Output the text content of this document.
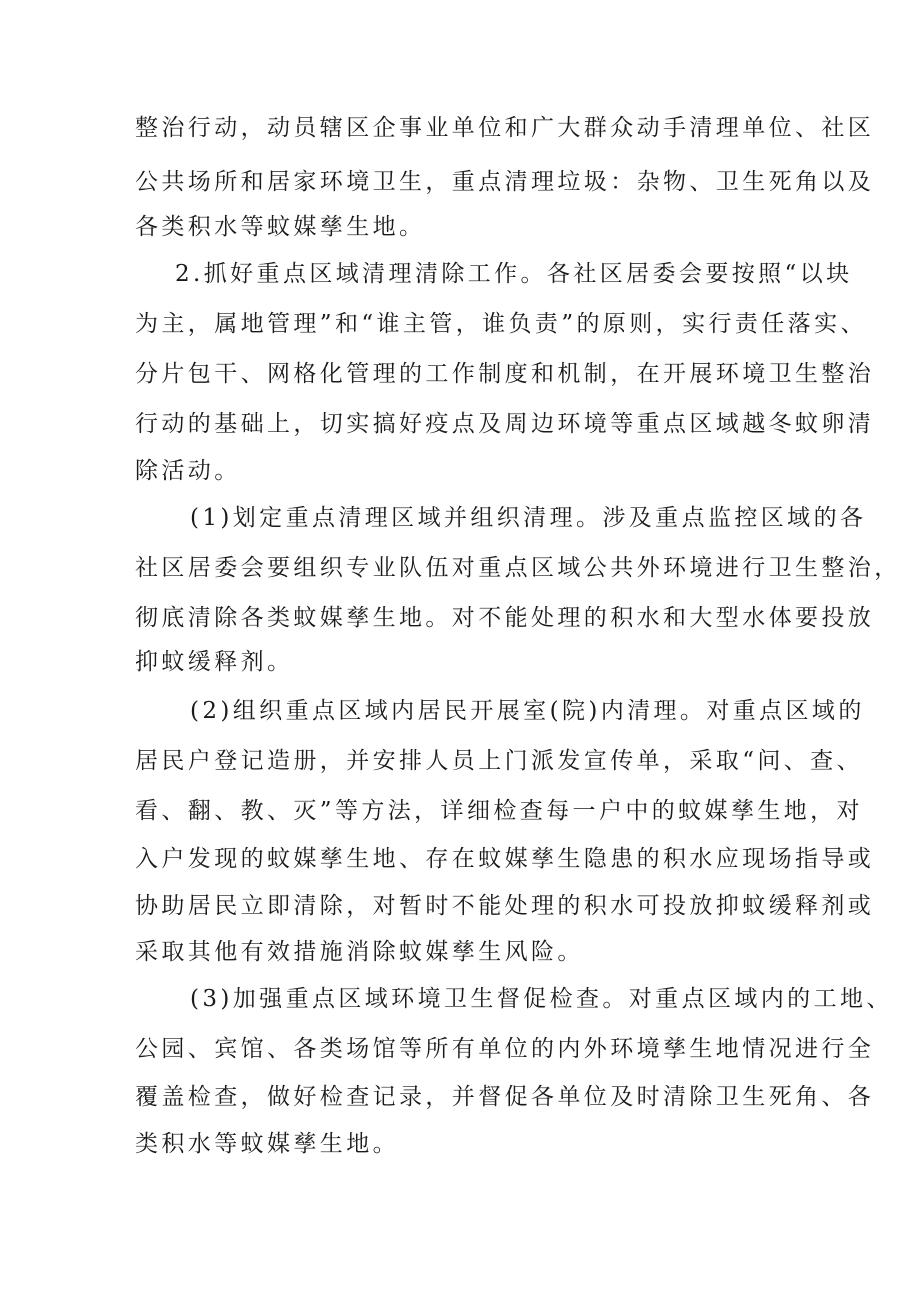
整治行动，动员辖区企事业单位和广大群众动手清理单位、社区
公共场所和居家环境卫生，重点清理垃圾：杂物、卫生死角以及
各类积水等蚊媒孳生地。
2.抓好重点区域清理清除工作。各社区居委会要按照“以块
为主，属地管理”和“谁主管，谁负责”的原则，实行责任落实、
分片包干、网格化管理的工作制度和机制，在开展环境卫生整治
行动的基础上，切实搞好疫点及周边环境等重点区域越冬蚊卵清
除活动。
(1)划定重点清理区域并组织清理。涉及重点监控区域的各
社区居委会要组织专业队伍对重点区域公共外环境进行卫生整治，
彻底清除各类蚊媒孳生地。对不能处理的积水和大型水体要投放
抑蚊缓释剂。
(2)组织重点区域内居民开展室(院)内清理。对重点区域的
居民户登记造册，并安排人员上门派发宣传单，采取“问、查、
看、翻、教、灭”等方法，详细检查每一户中的蚊媒孳生地，对
入户发现的蚊媒孳生地、存在蚊媒孳生隐患的积水应现场指导或
协助居民立即清除，对暂时不能处理的积水可投放抑蚊缓释剂或
采取其他有效措施消除蚊媒孳生风险。
(3)加强重点区域环境卫生督促检查。对重点区域内的工地、
公园、宾馆、各类场馆等所有单位的内外环境孳生地情况进行全
覆盖检查，做好检查记录，并督促各单位及时清除卫生死角、各
类积水等蚊媒孳生地。
